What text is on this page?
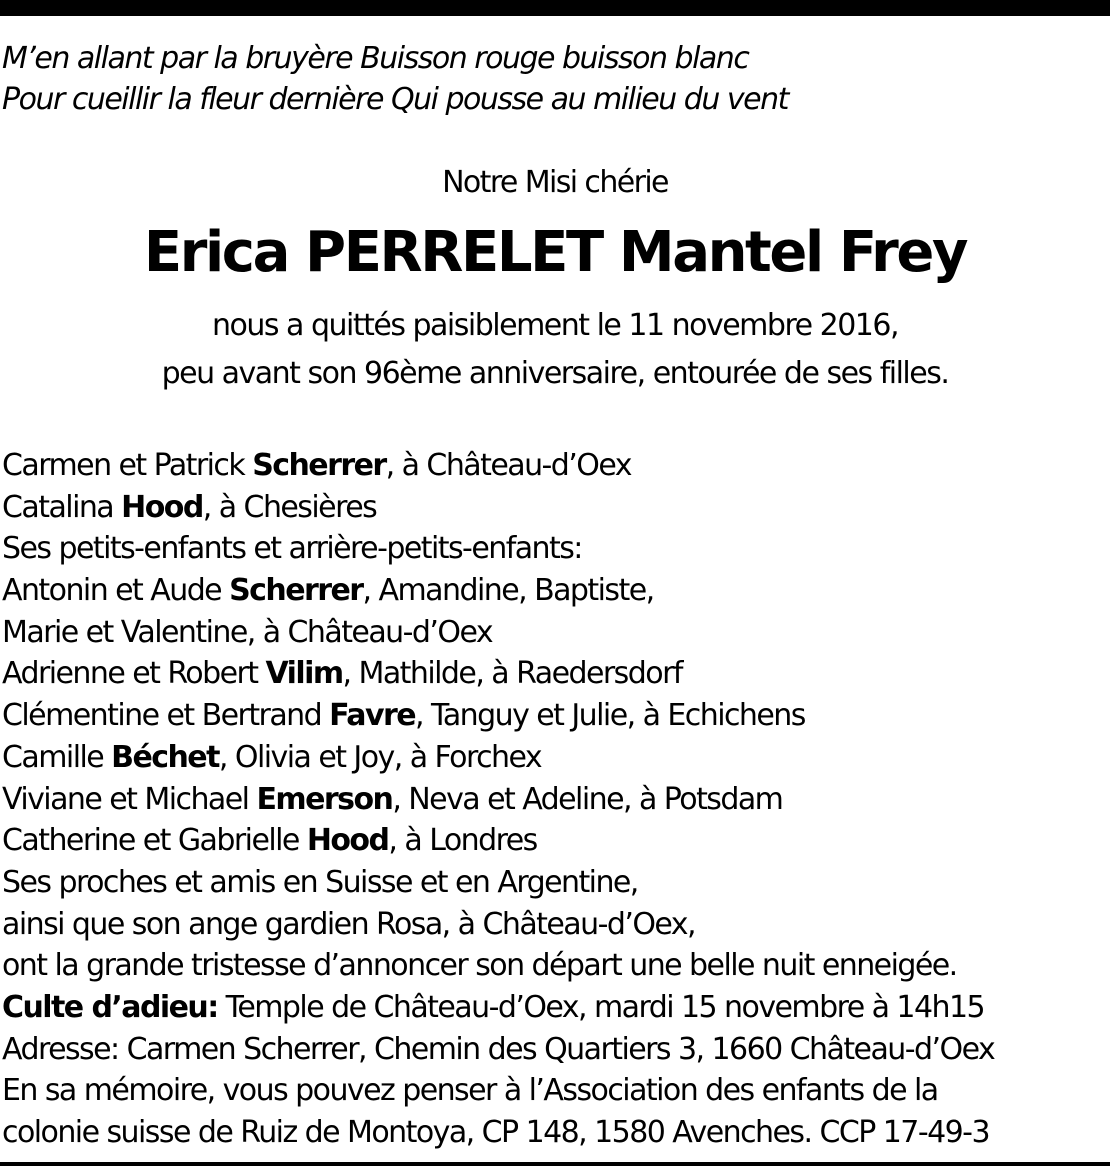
M’en allant par la bruyère Buisson rouge buisson blanc
Pour cueillir la fleur dernière Qui pousse au milieu du vent
Notre Misi chérie
Erica PERRELET Mantel Frey
nous a quittés paisiblement le 11 novembre 2016,
peu avant son 96ème anniversaire, entourée de ses filles.
Carmen et Patrick Scherrer, à Château-d’Oex
Catalina Hood, à Chesières
Ses petits-enfants et arrière-petits-enfants:
Antonin et Aude Scherrer, Amandine, Baptiste,
Marie et Valentine, à Château-d’Oex
Adrienne et Robert Vilim, Mathilde, à Raedersdorf
Clémentine et Bertrand Favre, Tanguy et Julie, à Echichens
Camille Béchet, Olivia et Joy, à Forchex
Viviane et Michael Emerson, Neva et Adeline, à Potsdam
Catherine et Gabrielle Hood, à Londres
Ses proches et amis en Suisse et en Argentine,
ainsi que son ange gardien Rosa, à Château-d’Oex,
ont la grande tristesse d’annoncer son départ une belle nuit enneigée.
Culte d’adieu: Temple de Château-d’Oex, mardi 15 novembre à 14h15
Adresse: Carmen Scherrer, Chemin des Quartiers 3, 1660 Château-d’Oex
En sa mémoire, vous pouvez penser à l’Association des enfants de la
colonie suisse de Ruiz de Montoya, CP 148, 1580 Avenches. CCP 17-49-3
